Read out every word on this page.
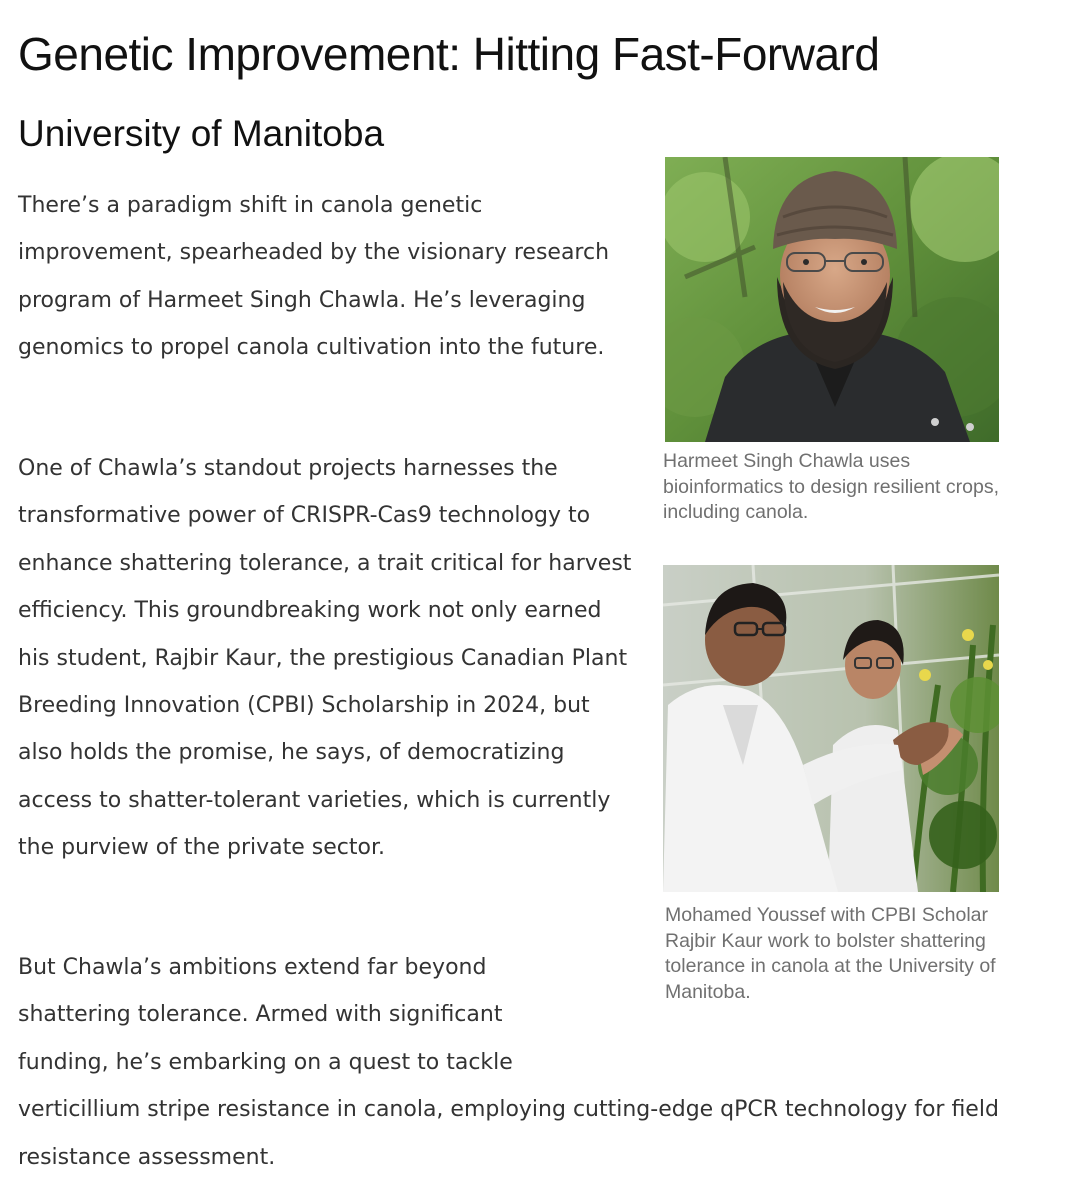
Genetic Improvement: Hitting Fast-Forward
University of Manitoba

There’s a paradigm shift in canola genetic improvement, spearheaded by the visionary research program of Harmeet Singh Chawla. He’s leveraging genomics to propel canola cultivation into the future.

One of Chawla’s standout projects harnesses the transformative power of CRISPR-Cas9 technology to enhance shattering tolerance, a trait critical for harvest efficiency. This groundbreaking work not only earned his student, Rajbir Kaur, the prestigious Canadian Plant Breeding Innovation (CPBI) Scholarship in 2024, but also holds the promise, he says, of democratizing access to shatter-tolerant varieties, which is currently the purview of the private sector.

But Chawla’s ambitions extend far beyond shattering tolerance. Armed with significant funding, he’s embarking on a quest to tackle verticillium stripe resistance in canola, employing cutting-edge qPCR technology for field resistance assessment.

Harmeet Singh Chawla uses bioinformatics to design resilient crops, including canola.

Mohamed Youssef with CPBI Scholar Rajbir Kaur work to bolster shattering tolerance in canola at the University of Manitoba.
